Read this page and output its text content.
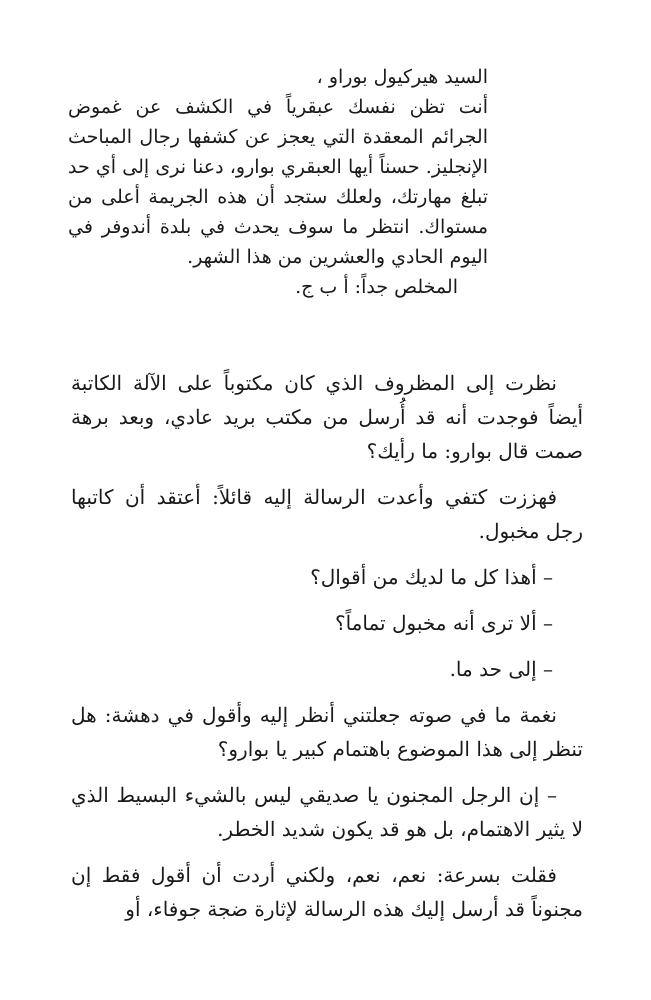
السيد هيركيول بوراو ،

أنت تظن نفسك عبقرياً في الكشف عن غموض الجرائم المعقدة التي يعجز عن كشفها رجال المباحث الإنجليز. حسناً أيها العبقري بوارو، دعنا نرى إلى أي حد تبلغ مهارتك، ولعلك ستجد أن هذه الجريمة أعلى من مستواك. انتظر ما سوف يحدث في بلدة أندوفر في اليوم الحادي والعشرين من هذا الشهر.

المخلص جداً: أ ب ج.

نظرت إلى المظروف الذي كان مكتوباً على الآلة الكاتبة أيضاً فوجدت أنه قد أُرسل من مكتب بريد عادي، وبعد برهة صمت قال بوارو: ما رأيك؟

فهززت كتفي وأعدت الرسالة إليه قائلاً: أعتقد أن كاتبها رجل مخبول.

– أهذا كل ما لديك من أقوال؟

– ألا ترى أنه مخبول تماماً؟

– إلى حد ما.

نغمة ما في صوته جعلتني أنظر إليه وأقول في دهشة: هل تنظر إلى هذا الموضوع باهتمام كبير يا بوارو؟

– إن الرجل المجنون يا صديقي ليس بالشيء البسيط الذي لا يثير الاهتمام، بل هو قد يكون شديد الخطر.

فقلت بسرعة: نعم، نعم، ولكني أردت أن أقول فقط إن مجنوناً قد أرسل إليك هذه الرسالة لإثارة ضجة جوفاء، أو
